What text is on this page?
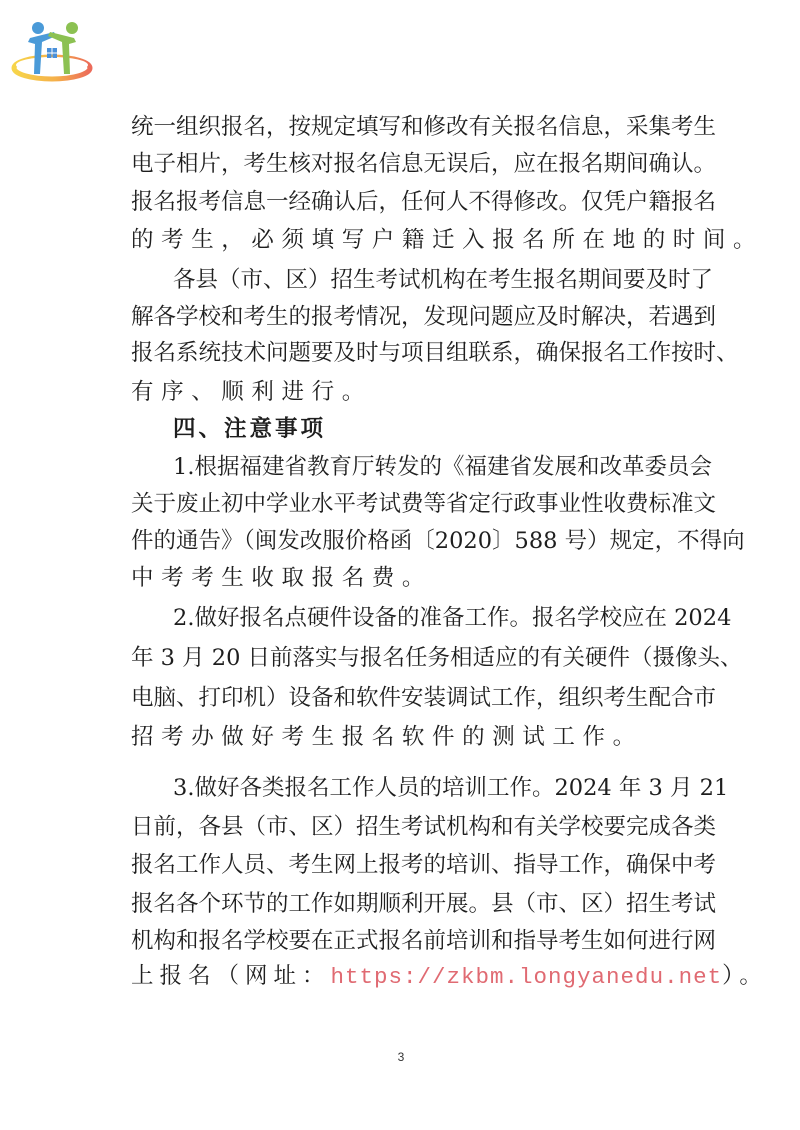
统一组织报名，按规定填写和修改有关报名信息，采集考生
电子相片，考生核对报名信息无误后，应在报名期间确认。
报名报考信息一经确认后，任何人不得修改。仅凭户籍报名
的考生，必须填写户籍迁入报名所在地的时间。
各县（市、区）招生考试机构在考生报名期间要及时了
解各学校和考生的报考情况，发现问题应及时解决，若遇到
报名系统技术问题要及时与项目组联系，确保报名工作按时、
有序、顺利进行。
四、注意事项
1.根据福建省教育厅转发的《福建省发展和改革委员会
关于废止初中学业水平考试费等省定行政事业性收费标准文
件的通告》（闽发改服价格函〔2020〕588 号）规定，不得向
中考考生收取报名费。
2.做好报名点硬件设备的准备工作。报名学校应在 2024
年 3 月 20 日前落实与报名任务相适应的有关硬件（摄像头、
电脑、打印机）设备和软件安装调试工作，组织考生配合市
招考办做好考生报名软件的测试工作。
3.做好各类报名工作人员的培训工作。2024 年 3 月 21
日前，各县（市、区）招生考试机构和有关学校要完成各类
报名工作人员、考生网上报考的培训、指导工作，确保中考
报名各个环节的工作如期顺利开展。县（市、区）招生考试
机构和报名学校要在正式报名前培训和指导考生如何进行网
上报名（网址：https://zkbm.longyanedu.net）。
3
